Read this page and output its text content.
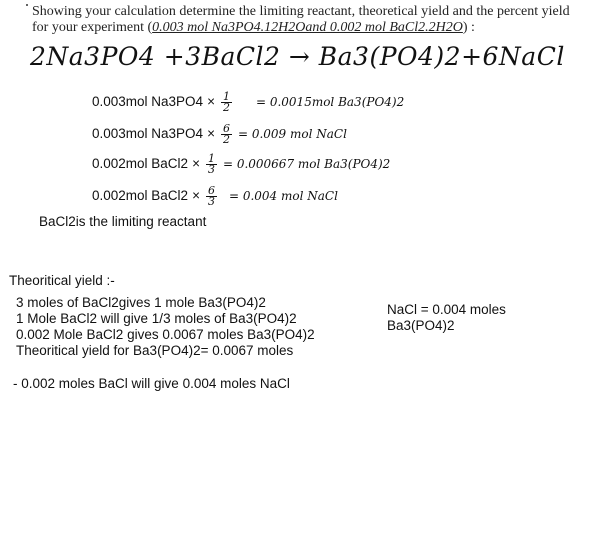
Showing your calculation determine the limiting reactant, theoretical yield and the percent yield
for your experiment (0.003 mol Na3PO4.12H2Oand 0.002 mol BaCl2.2H2O) :
2Na3PO4 +3BaCl2 → Ba3(PO4)2+6NaCl
0.003mol $Na3PO4 \times \frac{1}{2} = 0.0015mol$ Ba3(PO4)2
0.003mol $Na3PO4 \times \frac{6}{2} = 0.009$ mol NaCl
0.002mol BaCl2 × $\frac{1}{3} = 0.000667$ mol Ba3(PO4)2
0.002mol BaCl2 × $\frac{6}{3} = 0.004$ mol NaCl
BaCl2is the limiting reactant
Theoritical yield :-
3 moles of BaCl2gives 1 mole Ba3(PO4)2
1 Mole BaCl2 will give 1/3 moles of Ba3(PO4)2
0.002 Mole BaCl2 gives 0.0067 moles Ba3(PO4)2
Theoritical yield for Ba3(PO4)2= 0.0067 moles
NaCl = 0.004 moles
Ba3(PO4)2
- 0.002 moles BaCl will give 0.004 moles NaCl
